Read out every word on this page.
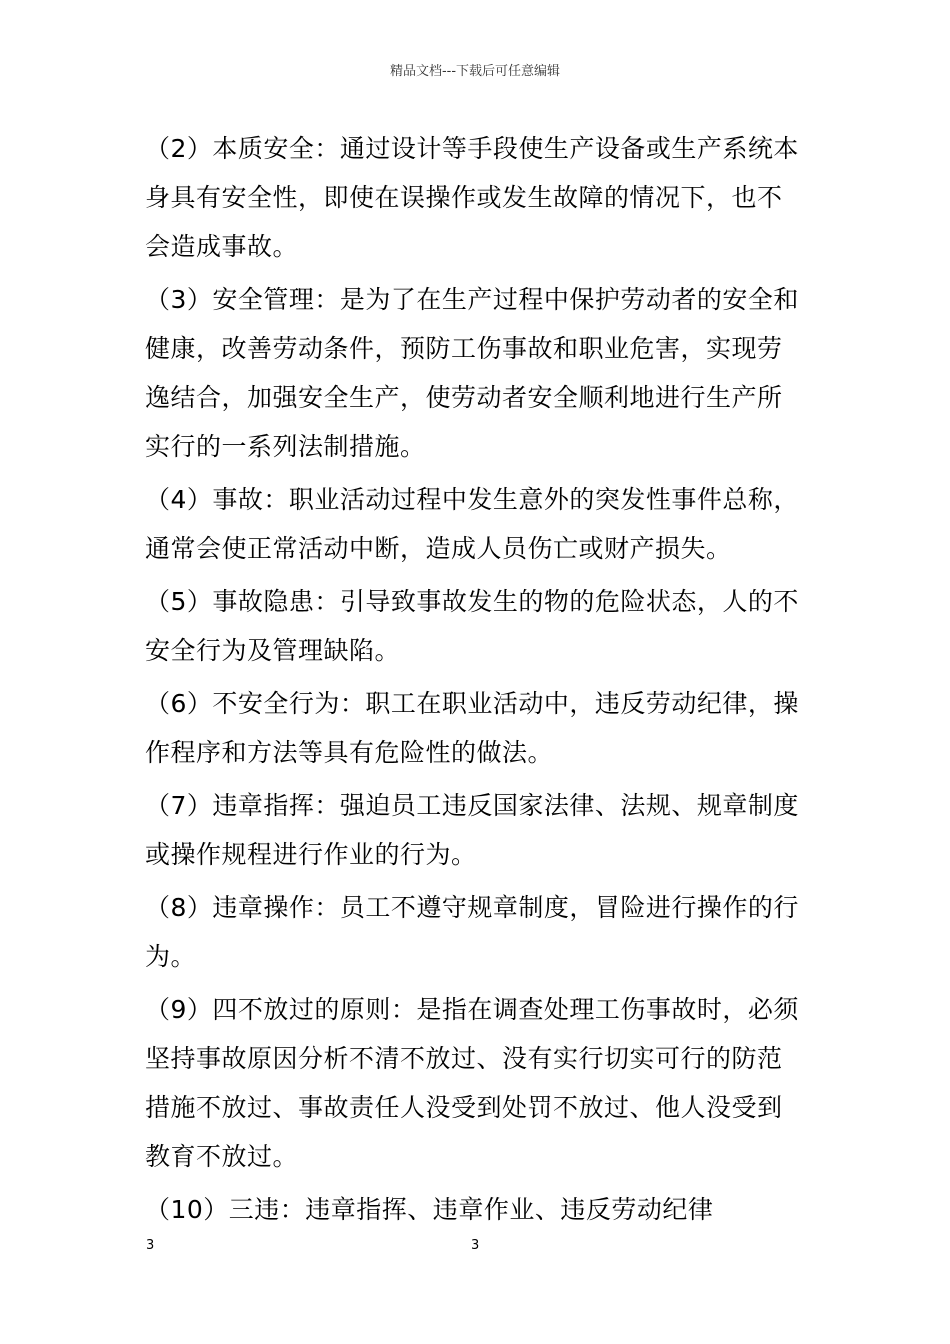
精品文档---下载后可任意编辑

（2）本质安全：通过设计等手段使生产设备或生产系统本身具有安全性，即使在误操作或发生故障的情况下，也不会造成事故。

（3）安全管理：是为了在生产过程中保护劳动者的安全和健康，改善劳动条件，预防工伤事故和职业危害，实现劳逸结合，加强安全生产，使劳动者安全顺利地进行生产所实行的一系列法制措施。

（4）事故：职业活动过程中发生意外的突发性事件总称，通常会使正常活动中断，造成人员伤亡或财产损失。

（5）事故隐患：引导致事故发生的物的危险状态，人的不安全行为及管理缺陷。

（6）不安全行为：职工在职业活动中，违反劳动纪律，操作程序和方法等具有危险性的做法。

（7）违章指挥：强迫员工违反国家法律、法规、规章制度或操作规程进行作业的行为。

（8）违章操作：员工不遵守规章制度，冒险进行操作的行为。

（9）四不放过的原则：是指在调查处理工伤事故时，必须坚持事故原因分析不清不放过、没有实行切实可行的防范措施不放过、事故责任人没受到处罚不放过、他人没受到教育不放过。

（10）三违：违章指挥、违章作业、违反劳动纪律

3	3
